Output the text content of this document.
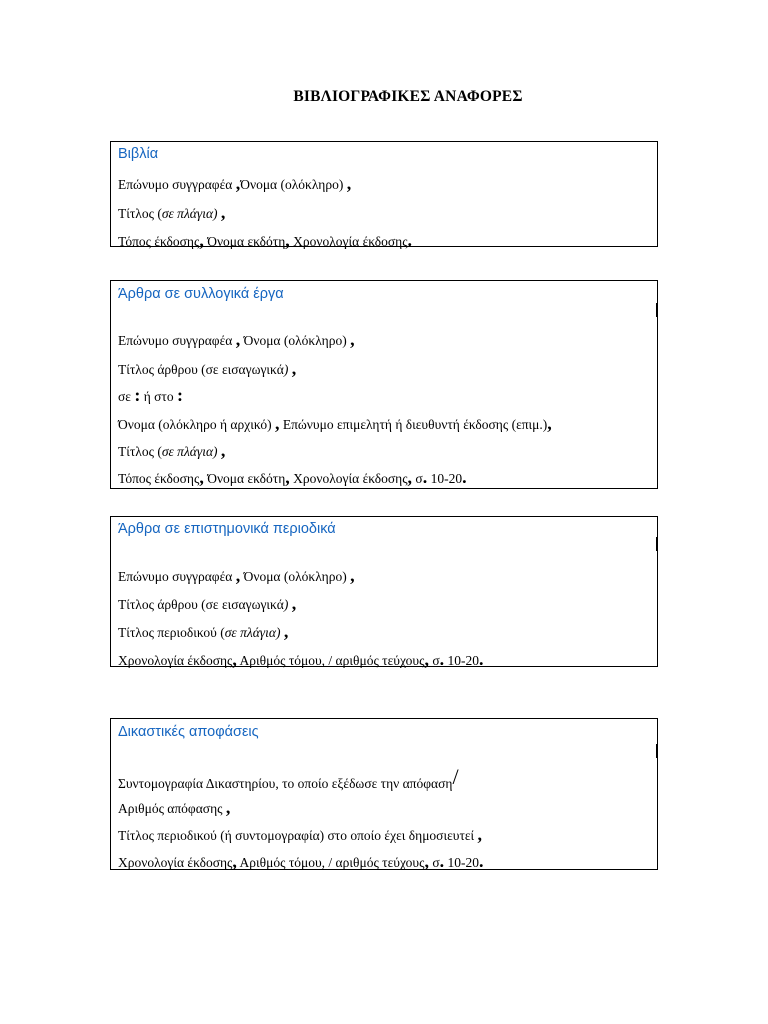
ΒΙΒΛΙΟΓΡΑΦΙΚΕΣ ΑΝΑΦΟΡΕΣ
Βιβλία
Επώνυμο συγγραφέα ,Όνομα (ολόκληρο) ,
Τίτλος (σε πλάγια) ,
Τόπος έκδοσης, Όνομα εκδότη, Χρονολογία έκδοσης.
Άρθρα σε συλλογικά έργα
Επώνυμο συγγραφέα , Όνομα (ολόκληρο) ,
Τίτλος άρθρου (σε εισαγωγικά) ,
σε : ή στο :
Όνομα (ολόκληρο ή αρχικό) , Επώνυμο επιμελητή ή διευθυντή έκδοσης (επιμ.),
Τίτλος (σε πλάγια) ,
Τόπος έκδοσης, Όνομα εκδότη, Χρονολογία έκδοσης, σ. 10-20.
Άρθρα σε επιστημονικά περιοδικά
Επώνυμο συγγραφέα , Όνομα (ολόκληρο) ,
Τίτλος άρθρου (σε εισαγωγικά) ,
Τίτλος περιοδικού (σε πλάγια) ,
Χρονολογία έκδοσης, Αριθμός τόμου, / αριθμός τεύχους, σ. 10-20.
Δικαστικές αποφάσεις
Συντομογραφία Δικαστηρίου, το οποίο εξέδωσε την απόφαση/
Αριθμός απόφασης ,
Τίτλος περιοδικού (ή συντομογραφία) στο οποίο έχει δημοσιευτεί ,
Χρονολογία έκδοσης, Αριθμός τόμου, / αριθμός τεύχους, σ. 10-20.
